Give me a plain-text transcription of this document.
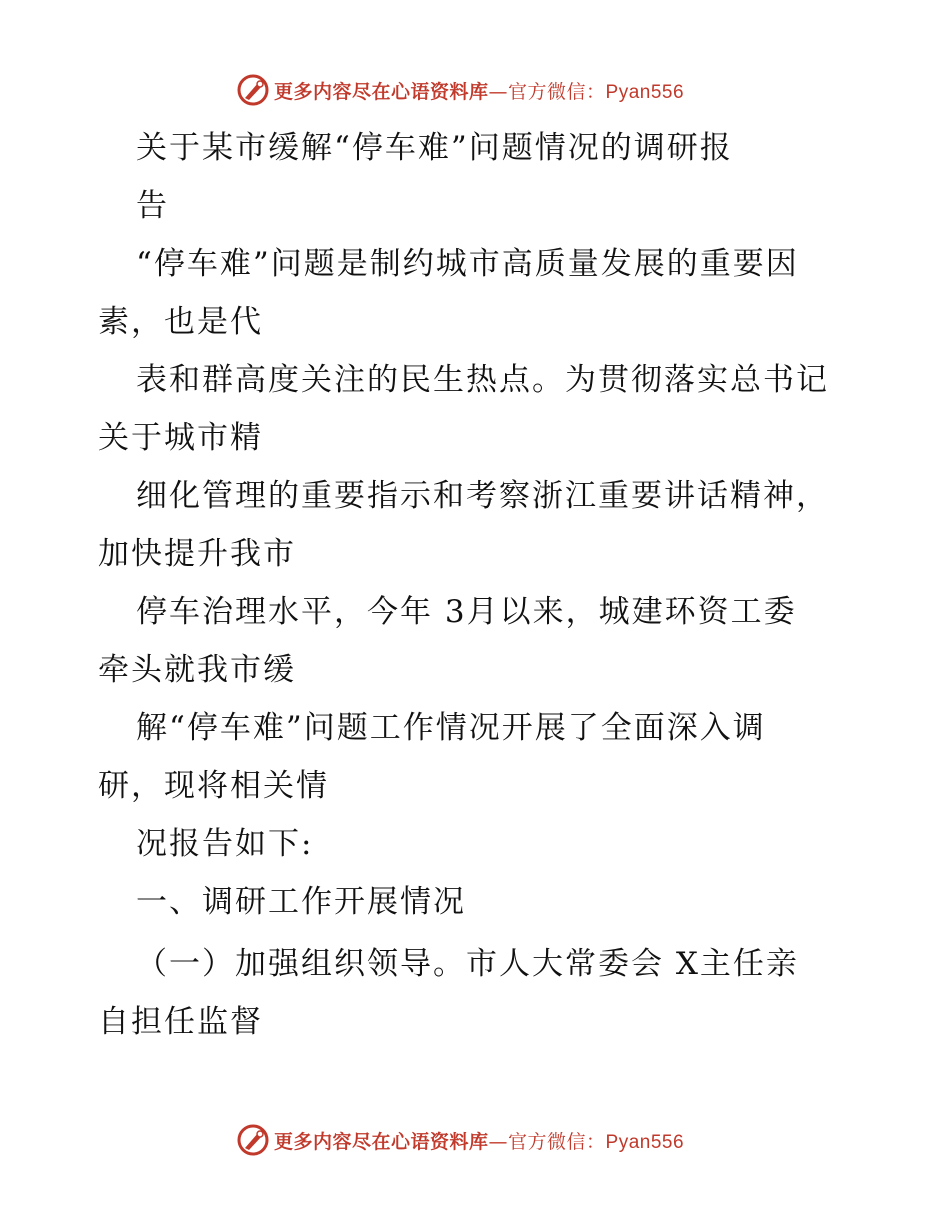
更多内容尽在心语资料库—官方微信：Pyan556
关于某市缓解“停车难”问题情况的调研报
告
“停车难”问题是制约城市高质量发展的重要因
素，也是代
表和群高度关注的民生热点。为贯彻落实总书记
关于城市精
细化管理的重要指示和考察浙江重要讲话精神，
加快提升我市
停车治理水平，今年 3月以来，城建环资工委
牵头就我市缓
解“停车难”问题工作情况开展了全面深入调
研，现将相关情
况报告如下:
一、调研工作开展情况
（一）加强组织领导。市人大常委会 X主任亲
自担任监督
更多内容尽在心语资料库—官方微信：Pyan556
